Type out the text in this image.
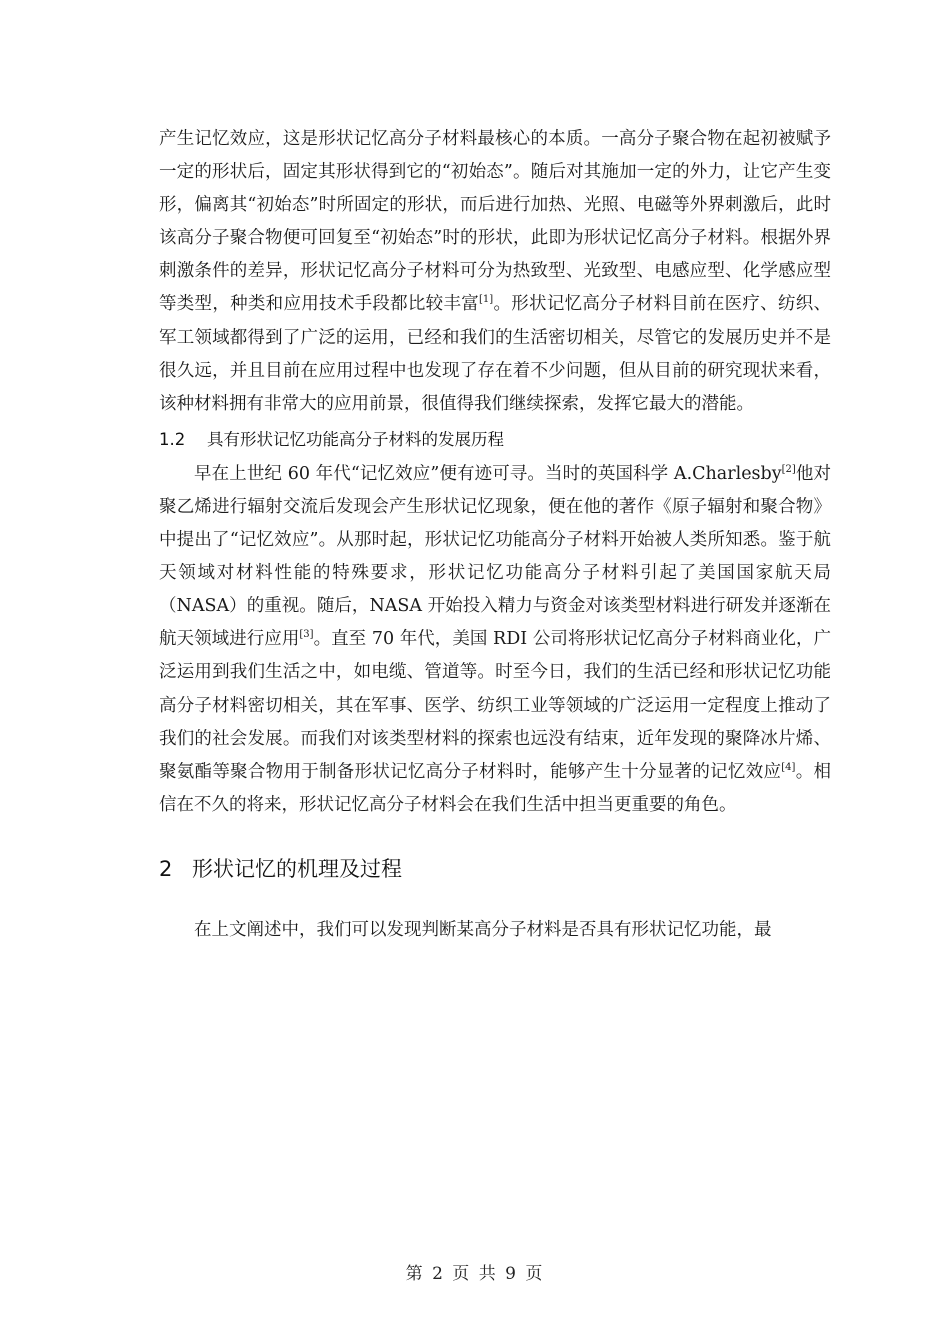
产生记忆效应，这是形状记忆高分子材料最核心的本质。一高分子聚合物在起初被赋予一定的形状后，固定其形状得到它的“初始态”。随后对其施加一定的外力，让它产生变形，偏离其“初始态”时所固定的形状，而后进行加热、光照、电磁等外界刺激后，此时该高分子聚合物便可回复至“初始态”时的形状，此即为形状记忆高分子材料。根据外界刺激条件的差异，形状记忆高分子材料可分为热致型、光致型、电感应型、化学感应型等类型，种类和应用技术手段都比较丰富[1]。形状记忆高分子材料目前在医疗、纺织、军工领域都得到了广泛的运用，已经和我们的生活密切相关，尽管它的发展历史并不是很久远，并且目前在应用过程中也发现了存在着不少问题，但从目前的研究现状来看，该种材料拥有非常大的应用前景，很值得我们继续探索，发挥它最大的潜能。

1.2 具有形状记忆功能高分子材料的发展历程

早在上世纪 60 年代“记忆效应”便有迹可寻。当时的英国科学 A.Charlesby[2]他对聚乙烯进行辐射交流后发现会产生形状记忆现象，便在他的著作《原子辐射和聚合物》中提出了“记忆效应”。从那时起，形状记忆功能高分子材料开始被人类所知悉。鉴于航天领域对材料性能的特殊要求，形状记忆功能高分子材料引起了美国国家航天局（NASA）的重视。随后，NASA 开始投入精力与资金对该类型材料进行研发并逐渐在航天领域进行应用[3]。直至 70 年代，美国 RDI 公司将形状记忆高分子材料商业化，广泛运用到我们生活之中，如电缆、管道等。时至今日，我们的生活已经和形状记忆功能高分子材料密切相关，其在军事、医学、纺织工业等领域的广泛运用一定程度上推动了我们的社会发展。而我们对该类型材料的探索也远没有结束，近年发现的聚降冰片烯、聚氨酯等聚合物用于制备形状记忆高分子材料时，能够产生十分显著的记忆效应[4]。相信在不久的将来，形状记忆高分子材料会在我们生活中担当更重要的角色。

2 形状记忆的机理及过程

在上文阐述中，我们可以发现判断某高分子材料是否具有形状记忆功能，最

第 2 页 共 9 页
